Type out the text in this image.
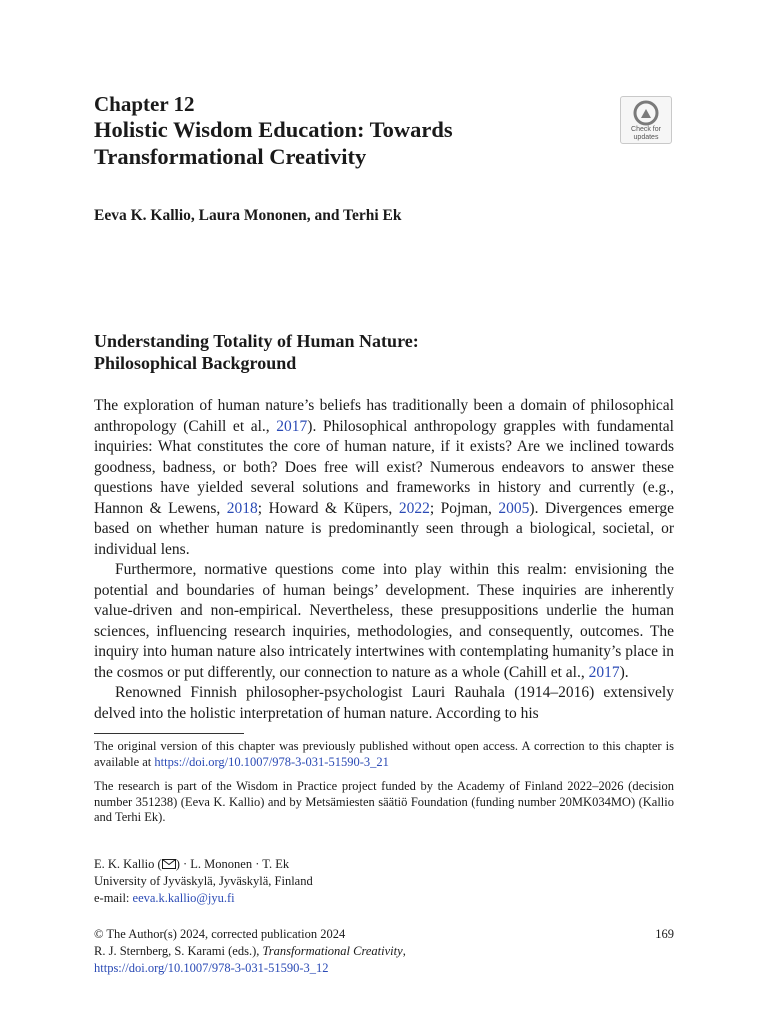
Chapter 12
Holistic Wisdom Education: Towards Transformational Creativity
Check for
updates
Eeva K. Kallio, Laura Mononen, and Terhi Ek
Understanding Totality of Human Nature:
Philosophical Background

The exploration of human nature’s beliefs has traditionally been a domain of philosophical anthropology (Cahill et al., 2017). Philosophical anthropology grapples with fundamental inquiries: What constitutes the core of human nature, if it exists? Are we inclined towards goodness, badness, or both? Does free will exist? Numerous endeavors to answer these questions have yielded several solutions and frameworks in history and currently (e.g., Hannon & Lewens, 2018; Howard & Küpers, 2022; Pojman, 2005). Divergences emerge based on whether human nature is predominantly seen through a biological, societal, or individual lens.

Furthermore, normative questions come into play within this realm: envisioning the potential and boundaries of human beings’ development. These inquiries are inherently value-driven and non-empirical. Nevertheless, these presuppositions underlie the human sciences, influencing research inquiries, methodologies, and consequently, outcomes. The inquiry into human nature also intricately intertwines with contemplating humanity’s place in the cosmos or put differently, our connection to nature as a whole (Cahill et al., 2017).

Renowned Finnish philosopher-psychologist Lauri Rauhala (1914–2016) extensively delved into the holistic interpretation of human nature. According to his

The original version of this chapter was previously published without open access. A correction to this chapter is available at https://doi.org/10.1007/978-3-031-51590-3_21

The research is part of the Wisdom in Practice project funded by the Academy of Finland 2022–2026 (decision number 351238) (Eeva K. Kallio) and by Metsämiesten säätiö Foundation (funding number 20MK034MO) (Kallio and Terhi Ek).

E. K. Kallio ( ) · L. Mononen · T. Ek
University of Jyväskylä, Jyväskylä, Finland
e-mail: eeva.k.kallio@jyu.fi
© The Author(s) 2024, corrected publication 2024
R. J. Sternberg, S. Karami (eds.), Transformational Creativity,
https://doi.org/10.1007/978-3-031-51590-3_12
169
